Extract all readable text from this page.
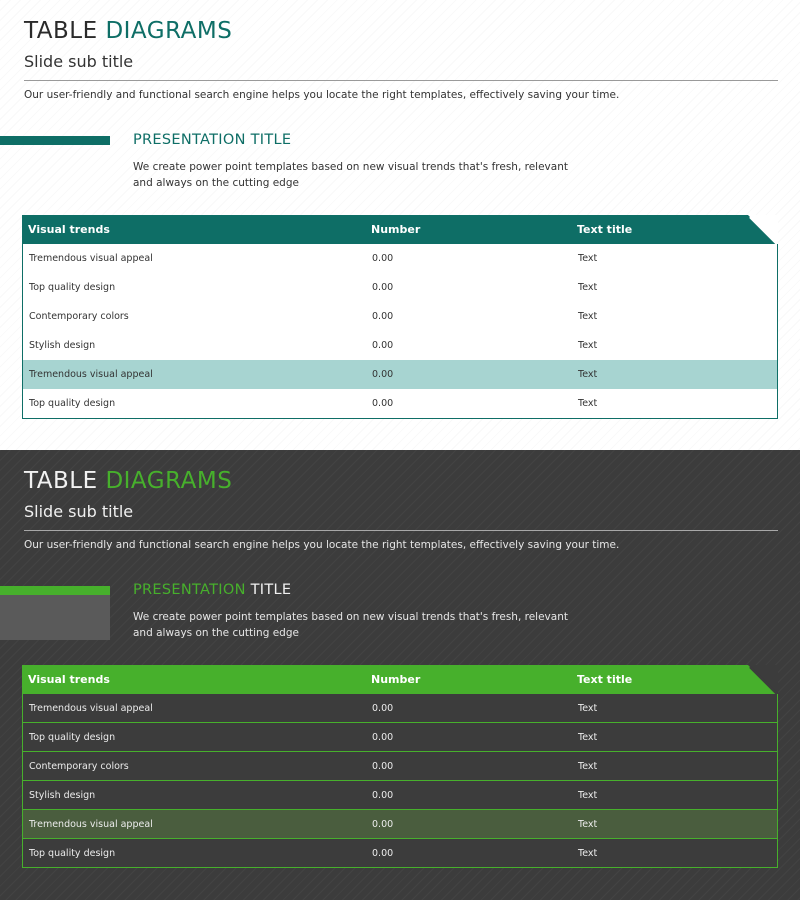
TABLE DIAGRAMS
Slide sub title

Our user-friendly and functional search engine helps you locate the right templates, effectively saving your time.

PRESENTATION TITLE

We create power point templates based on new visual trends that's fresh, relevant and always on the cutting edge

Visual trends	Number	Text title
Tremendous visual appeal	0.00	Text
Top quality design	0.00	Text
Contemporary colors	0.00	Text
Stylish design	0.00	Text
Tremendous visual appeal	0.00	Text
Top quality design	0.00	Text
TABLE DIAGRAMS
Slide sub title

Our user-friendly and functional search engine helps you locate the right templates, effectively saving your time.

PRESENTATION TITLE

We create power point templates based on new visual trends that's fresh, relevant and always on the cutting edge

Visual trends	Number	Text title
Tremendous visual appeal	0.00	Text
Top quality design	0.00	Text
Contemporary colors	0.00	Text
Stylish design	0.00	Text
Tremendous visual appeal	0.00	Text
Top quality design	0.00	Text
